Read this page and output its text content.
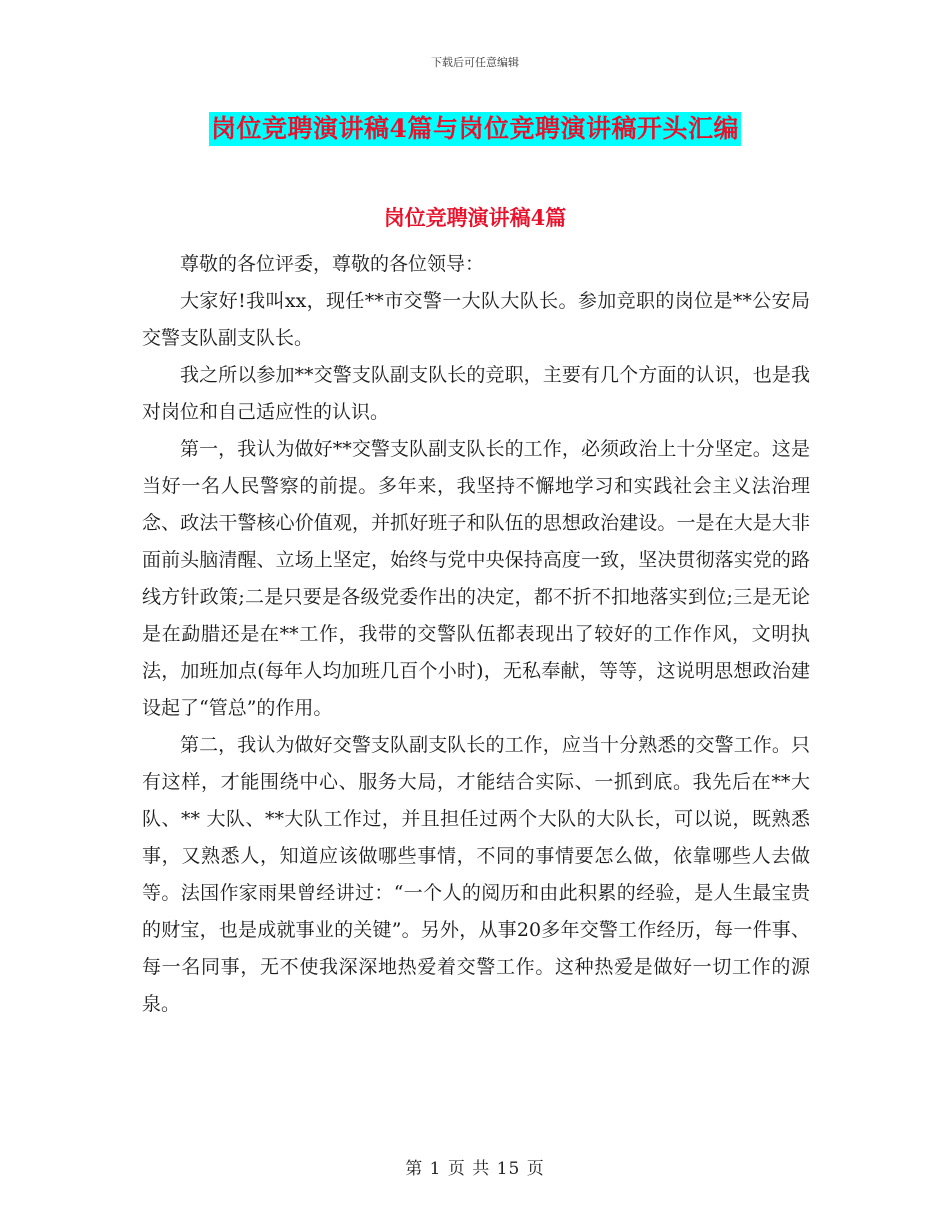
下载后可任意编辑
岗位竞聘演讲稿4篇与岗位竞聘演讲稿开头汇编
岗位竞聘演讲稿4篇

尊敬的各位评委，尊敬的各位领导：

大家好!我叫xx，现任**市交警一大队大队长。参加竞职的岗位是**公安局交警支队副支队长。

我之所以参加**交警支队副支队长的竞职，主要有几个方面的认识，也是我对岗位和自己适应性的认识。

第一，我认为做好**交警支队副支队长的工作，必须政治上十分坚定。这是当好一名人民警察的前提。多年来，我坚持不懈地学习和实践社会主义法治理念、政法干警核心价值观，并抓好班子和队伍的思想政治建设。一是在大是大非面前头脑清醒、立场上坚定，始终与党中央保持高度一致，坚决贯彻落实党的路线方针政策;二是只要是各级党委作出的决定，都不折不扣地落实到位;三是无论是在勐腊还是在**工作，我带的交警队伍都表现出了较好的工作作风，文明执法，加班加点(每年人均加班几百个小时)，无私奉献，等等，这说明思想政治建设起了“管总”的作用。

第二，我认为做好交警支队副支队长的工作，应当十分熟悉的交警工作。只有这样，才能围绕中心、服务大局，才能结合实际、一抓到底。我先后在**大队、** 大队、**大队工作过，并且担任过两个大队的大队长，可以说，既熟悉事，又熟悉人，知道应该做哪些事情，不同的事情要怎么做，依靠哪些人去做等。法国作家雨果曾经讲过：“一个人的阅历和由此积累的经验，是人生最宝贵的财宝，也是成就事业的关键”。另外，从事20多年交警工作经历，每一件事、每一名同事，无不使我深深地热爱着交警工作。这种热爱是做好一切工作的源泉。

第 1 页 共 15 页
